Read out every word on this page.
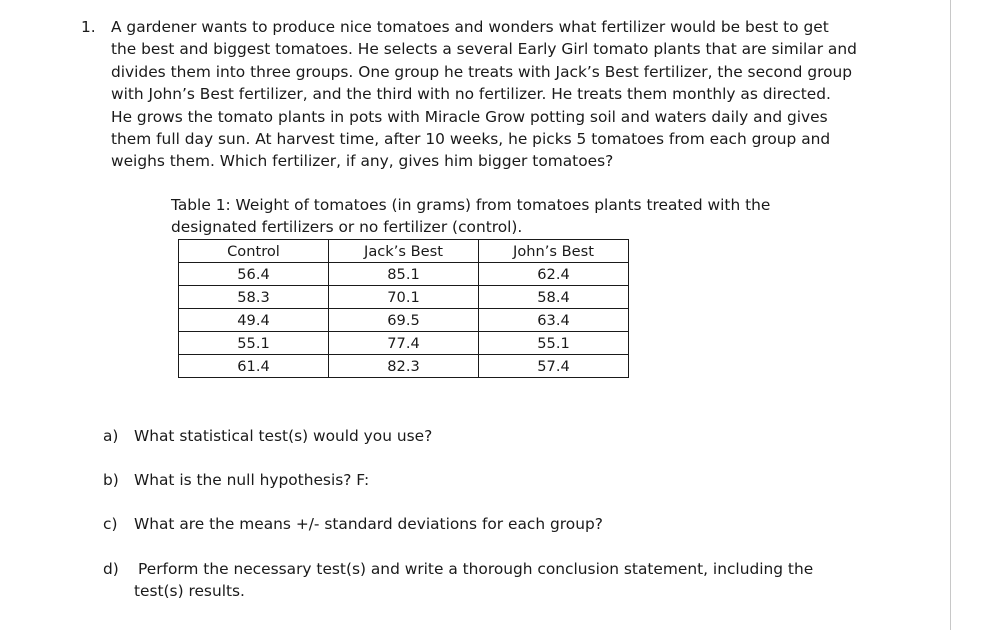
1. A gardener wants to produce nice tomatoes and wonders what fertilizer would be best to get
the best and biggest tomatoes. He selects a several Early Girl tomato plants that are similar and
divides them into three groups. One group he treats with Jack’s Best fertilizer, the second group
with John’s Best fertilizer, and the third with no fertilizer. He treats them monthly as directed.
He grows the tomato plants in pots with Miracle Grow potting soil and waters daily and gives
them full day sun. At harvest time, after 10 weeks, he picks 5 tomatoes from each group and
weighs them. Which fertilizer, if any, gives him bigger tomatoes?
Table 1: Weight of tomatoes (in grams) from tomatoes plants treated with the
designated fertilizers or no fertilizer (control).
Control	Jack’s Best	John’s Best
56.4	85.1	62.4
58.3	70.1	58.4
49.4	69.5	63.4
55.1	77.4	55.1
61.4	82.3	57.4
a) What statistical test(s) would you use?
b) What is the null hypothesis? F:
c) What are the means +/- standard deviations for each group?
d) Perform the necessary test(s) and write a thorough conclusion statement, including the
test(s) results.
